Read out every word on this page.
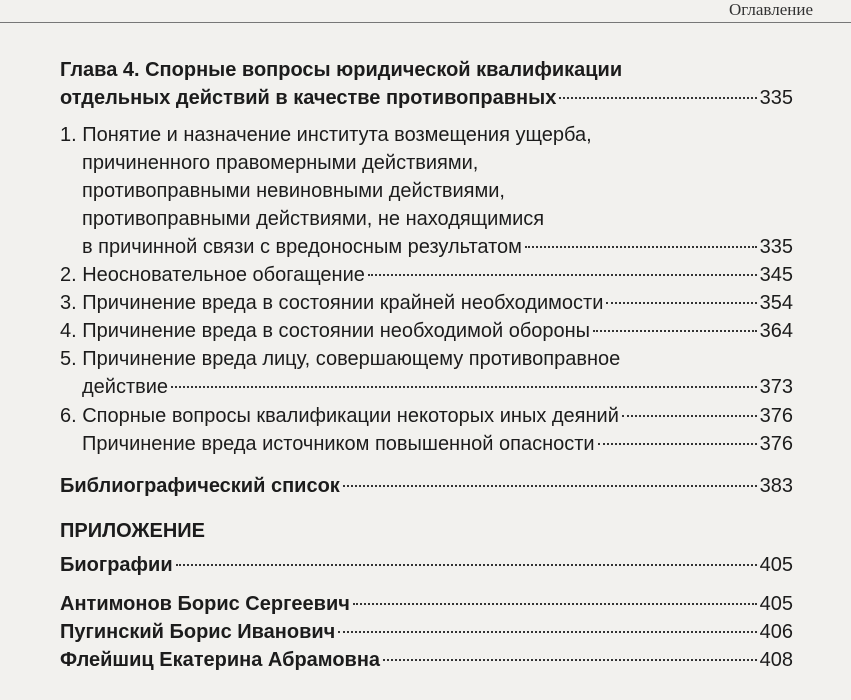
Оглавление
Глава 4. Спорные вопросы юридической квалификации
отдельных действий в качестве противоправных	335
1. Понятие и назначение института возмещения ущерба,
причиненного правомерными действиями,
противоправными невиновными действиями,
противоправными действиями, не находящимися
в причинной связи с вредоносным результатом	335
2. Неосновательное обогащение	345
3. Причинение вреда в состоянии крайней необходимости	354
4. Причинение вреда в состоянии необходимой обороны	364
5. Причинение вреда лицу, совершающему противоправное
действие	373
6. Спорные вопросы квалификации некоторых иных деяний	376
Причинение вреда источником повышенной опасности	376
Библиографический список	383
ПРИЛОЖЕНИЕ
Биографии	405
Антимонов Борис Сергеевич	405
Пугинский Борис Иванович	406
Флейшиц Екатерина Абрамовна	408
